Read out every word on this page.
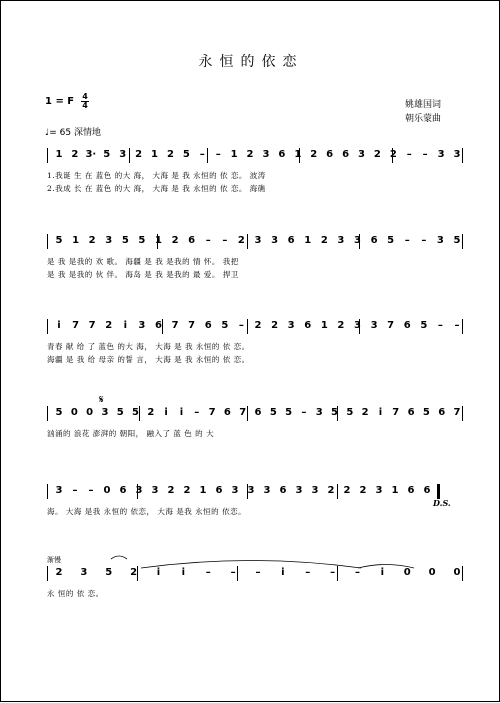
永恒的依恋
1 = F 4
4
♩= 65 深情地
姚雄国词
朝乐蒙曲
1 2 3· 5 3 2 1 2 5 –	– 1 2 3 6 1 2 6 6 3 2 2 –	– 3 3
1.我诞 生 在 蓝色 的大 海， 大海 是 我 永恒的 依 恋。 波涛
2.我成 长 在 蓝色 的大 海， 大海 是 我 永恒的 依 恋。 海礁
5 1 2 3 5 5 1 2 6	–	–	2 3 3 6 1 2 3 3 6 5	–	–	3 5
是 我 是我的 欢 歌。 海疆 是 我 是我的 情 怀。 我把
是 我 是我的 伙 伴。 海岛 是 我 是我的 最 爱。 捍卫
i	7 7 2	i	3 6 7 7 6 5	–	2 2 3 6 1 2 3 3 7 6 5	–	–
青春 献 给 了 蓝色 的大 海， 大海 是 我 永恒的 依 恋。
海疆 是 我 给 母亲 的誓 言， 大海 是 我 永恒的 依 恋。
5 0 0 3 5 5 2	i	i	– 7 6 7 6 5 5 – 3 5 5 2	i	7 6 5 6 7
汹涌的 浪花 澎湃的 朝阳， 融入了 蓝 色 的 大
3	–	–	0 6 3 3 2 2 1 6 3 3 3 6 3 3 2 2 2 3 1 6 6
海。 大海 是我 永恒的 依恋， 大海 是我 永恒的 依恋。
2 3 5 2	i	i	–	–	–	i	–	–	–	i	0 0 0
永 恒的 依 恋。
D.S.
渐慢
𝄋
